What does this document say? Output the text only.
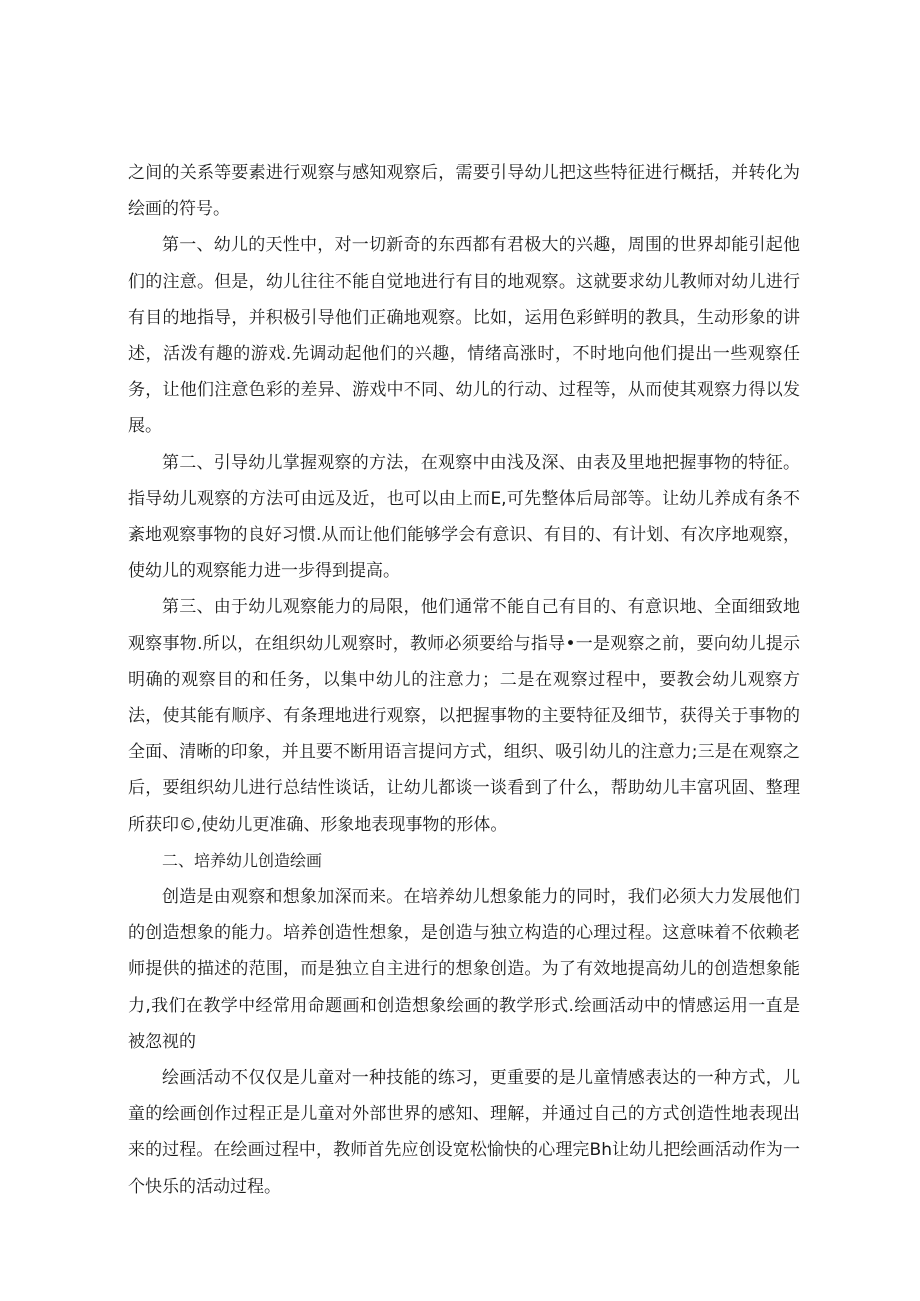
之间的关系等要素进行观察与感知观察后，需要引导幼儿把这些特征进行概括，并转化为绘画的符号。

第一、幼儿的天性中，对一切新奇的东西都有君极大的兴趣，周围的世界却能引起他们的注意。但是，幼儿往往不能自觉地进行有目的地观察。这就要求幼儿教师对幼儿进行有目的地指导，并积极引导他们正确地观察。比如，运用色彩鲜明的教具，生动形象的讲述，活泼有趣的游戏.先调动起他们的兴趣，情绪高涨时，不时地向他们提出一些观察任务，让他们注意色彩的差异、游戏中不同、幼儿的行动、过程等，从而使其观察力得以发展。

第二、引导幼儿掌握观察的方法，在观察中由浅及深、由表及里地把握事物的特征。指导幼儿观察的方法可由远及近，也可以由上而E,可先整体后局部等。让幼儿养成有条不紊地观察事物的良好习惯.从而让他们能够学会有意识、有目的、有计划、有次序地观察，使幼儿的观察能力进一步得到提高。

第三、由于幼儿观察能力的局限，他们通常不能自己有目的、有意识地、全面细致地观察事物.所以，在组织幼儿观察时，教师必须要给与指导•一是观察之前，要向幼儿提示明确的观察目的和任务，以集中幼儿的注意力；二是在观察过程中，要教会幼儿观察方法，使其能有顺序、有条理地进行观察，以把握事物的主要特征及细节，获得关于事物的全面、清晰的印象，并且要不断用语言提问方式，组织、吸引幼儿的注意力;三是在观察之后，要组织幼儿进行总结性谈话，让幼儿都谈一谈看到了什么，帮助幼儿丰富巩固、整理所获印©,使幼儿更准确、形象地表现事物的形体。

二、培养幼儿创造绘画

创造是由观察和想象加深而来。在培养幼儿想象能力的同时，我们必须大力发展他们的创造想象的能力。培养创造性想象，是创造与独立构造的心理过程。这意味着不依赖老师提供的描述的范围，而是独立自主进行的想象创造。为了有效地提高幼儿的创造想象能力,我们在教学中经常用命题画和创造想象绘画的教学形式.绘画活动中的情感运用一直是被忽视的

绘画活动不仅仅是儿童对一种技能的练习，更重要的是儿童情感表达的一种方式，儿童的绘画创作过程正是儿童对外部世界的感知、理解，并通过自己的方式创造性地表现出来的过程。在绘画过程中，教师首先应创设宽松愉快的心理完Bh让幼儿把绘画活动作为一个快乐的活动过程。
